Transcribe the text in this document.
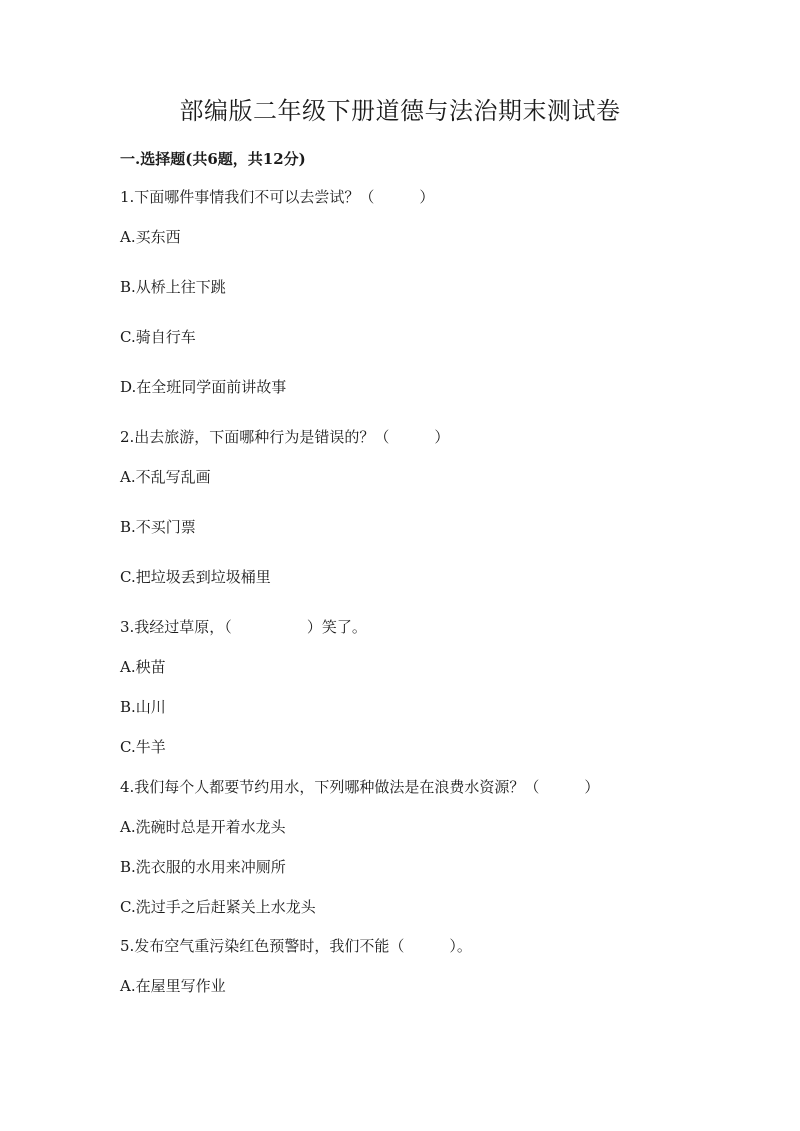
部编版二年级下册道德与法治期末测试卷
一.选择题(共6题，共12分)
1.下面哪件事情我们不可以去尝试？（　　　）
A.买东西
B.从桥上往下跳
C.骑自行车
D.在全班同学面前讲故事
2.出去旅游，下面哪种行为是错误的？（　　　）
A.不乱写乱画
B.不买门票
C.把垃圾丢到垃圾桶里
3.我经过草原，（　　　　　）笑了。
A.秧苗
B.山川
C.牛羊
4.我们每个人都要节约用水，下列哪种做法是在浪费水资源？（　　　）
A.洗碗时总是开着水龙头
B.洗衣服的水用来冲厕所
C.洗过手之后赶紧关上水龙头
5.发布空气重污染红色预警时，我们不能（　　　）。
A.在屋里写作业
